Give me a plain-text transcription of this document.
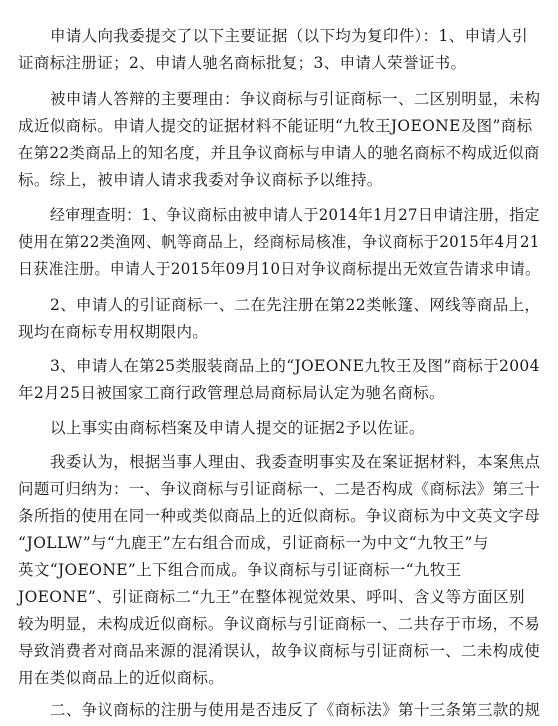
申请人向我委提交了以下主要证据（以下均为复印件）：1、申请人引
证商标注册证；2、申请人驰名商标批复；3、申请人荣誉证书。
被申请人答辩的主要理由：争议商标与引证商标一、二区别明显，未构
成近似商标。申请人提交的证据材料不能证明“九牧王JOEONE及图”商标
在第22类商品上的知名度，并且争议商标与申请人的驰名商标不构成近似商
标。综上，被申请人请求我委对争议商标予以维持。
经审理查明：1、争议商标由被申请人于2014年1月27日申请注册，指定
使用在第22类渔网、帆等商品上，经商标局核准，争议商标于2015年4月21
日获准注册。申请人于2015年09月10日对争议商标提出无效宣告请求申请。
2、申请人的引证商标一、二在先注册在第22类帐篷、网线等商品上，
现均在商标专用权期限内。
3、申请人在第25类服装商品上的“JOEONE九牧王及图”商标于2004
年2月25日被国家工商行政管理总局商标局认定为驰名商标。
以上事实由商标档案及申请人提交的证据2予以佐证。
我委认为，根据当事人理由、我委查明事实及在案证据材料，本案焦点
问题可归纳为：一、争议商标与引证商标一、二是否构成《商标法》第三十
条所指的使用在同一种或类似商品上的近似商标。争议商标为中文英文字母
“JOLLW”与“九鹿王”左右组合而成，引证商标一为中文“九牧王”与
英文“JOEONE”上下组合而成。争议商标与引证商标一“九牧王
JOEONE”、引证商标二“九王”在整体视觉效果、呼叫、含义等方面区别
较为明显，未构成近似商标。争议商标与引证商标一、二共存于市场，不易
导致消费者对商品来源的混淆误认，故争议商标与引证商标一、二未构成使
用在类似商品上的近似商标。
二、争议商标的注册与使用是否违反了《商标法》第十三条第三款的规
